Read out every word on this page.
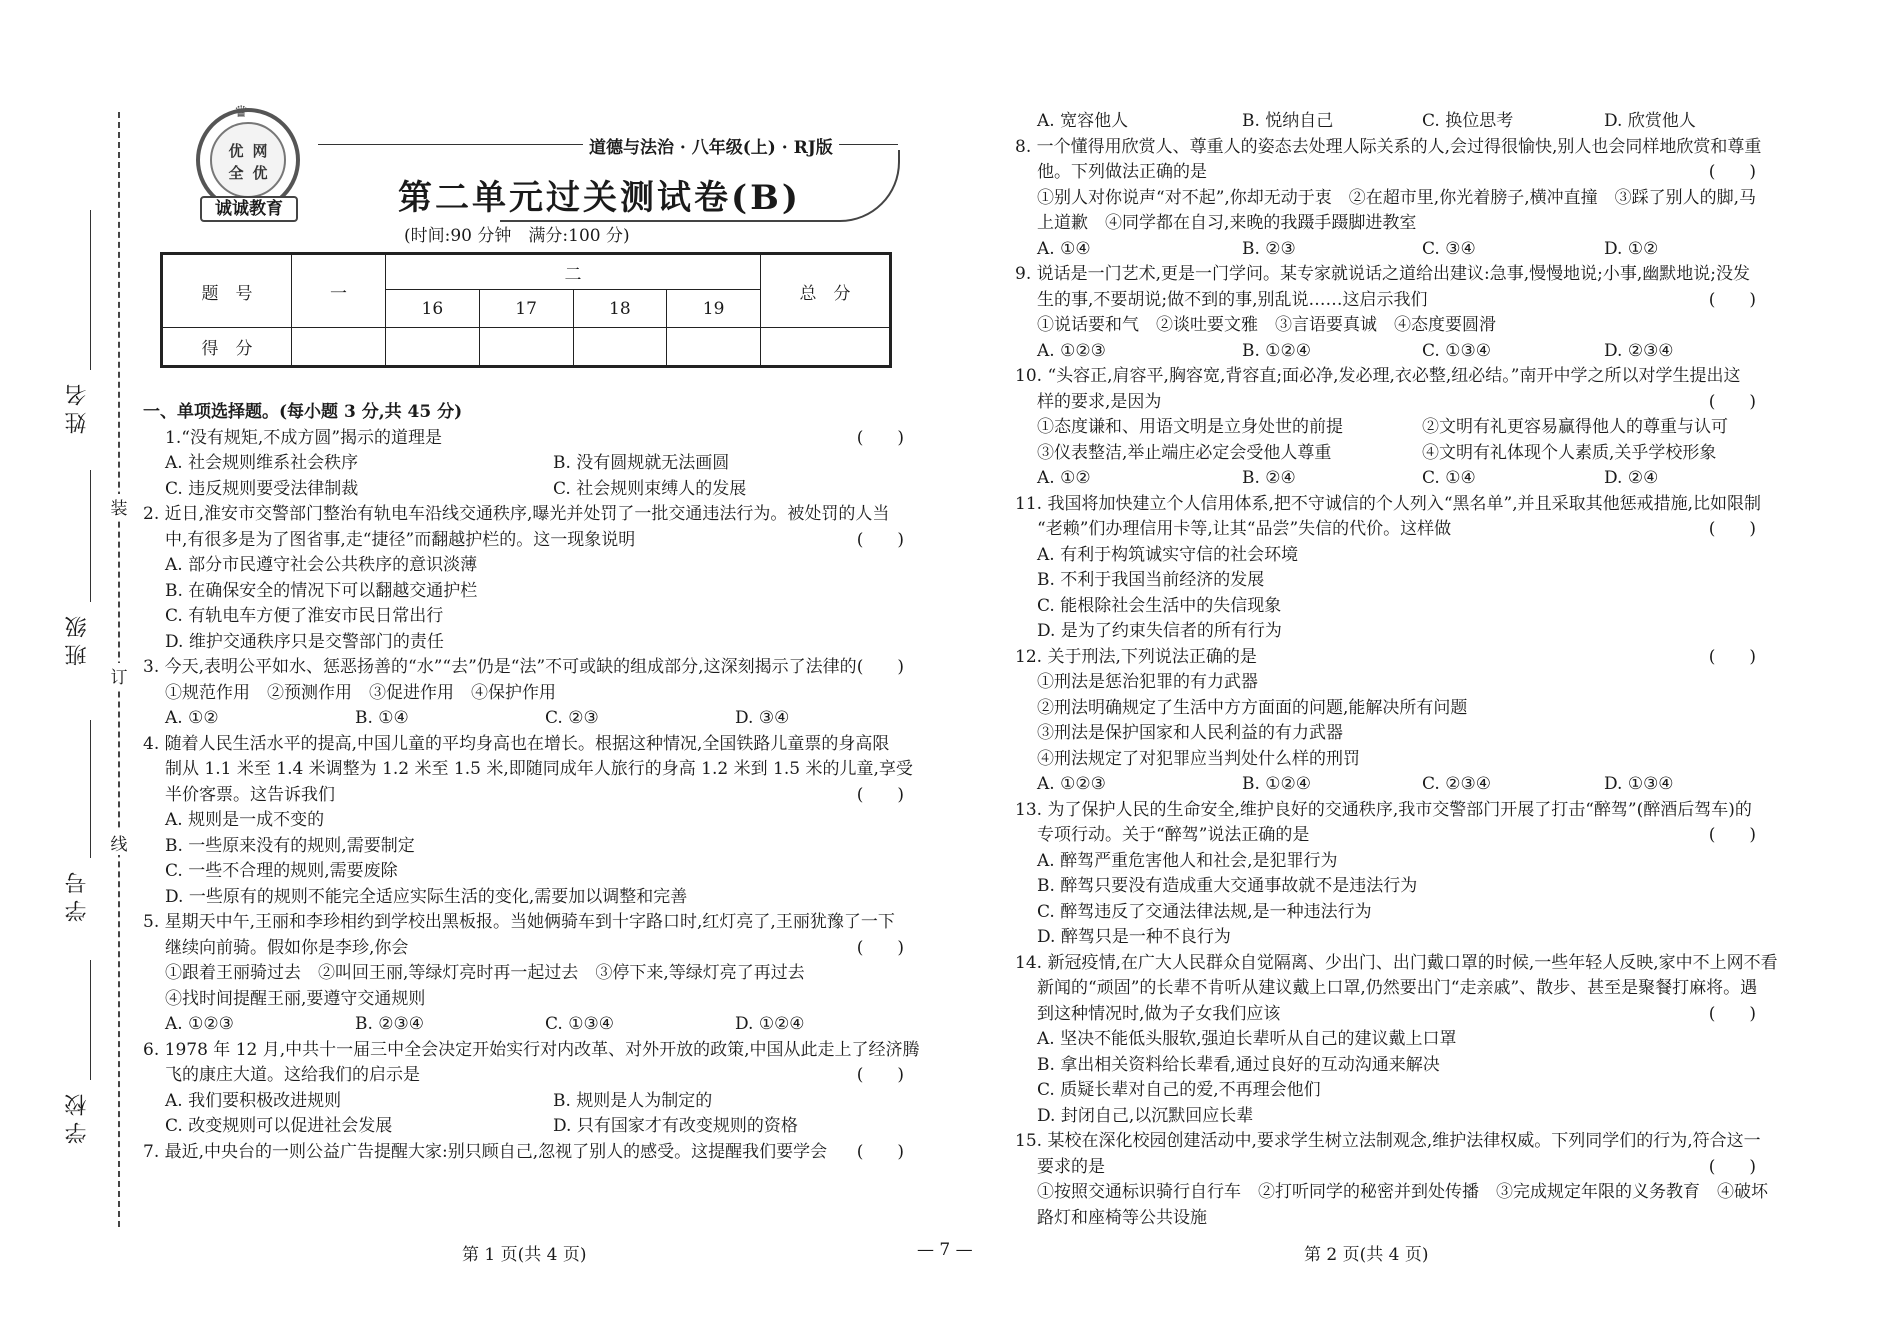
装
订
线
姓名
班级
学号
学校
♛
优 网
全 优
诚诚教育
道德与法治 · 八年级(上) · RJ版
第二单元过关测试卷(B)
(时间:90 分钟　满分:100 分)
题　号	一	二				总　分
		16	17	18	19	
得　分						
一、单项选择题。(每小题 3 分,共 45 分)
1.“没有规矩,不成方圆”揭示的道理是	(　　)
A. 社会规则维系社会秩序	B. 没有圆规就无法画圆
C. 违反规则要受法律制裁	C. 社会规则束缚人的发展
2. 近日,淮安市交警部门整治有轨电车沿线交通秩序,曝光并处罚了一批交通违法行为。被处罚的人当
中,有很多是为了图省事,走“捷径”而翻越护栏的。这一现象说明	(　　)
A. 部分市民遵守社会公共秩序的意识淡薄
B. 在确保安全的情况下可以翻越交通护栏
C. 有轨电车方便了淮安市民日常出行
D. 维护交通秩序只是交警部门的责任
3. 今天,表明公平如水、惩恶扬善的“水”“去”仍是“法”不可或缺的组成部分,这深刻揭示了法律的 (　　)
①规范作用　②预测作用　③促进作用　④保护作用
A. ①②	B. ①④	C. ②③	D. ③④
4. 随着人民生活水平的提高,中国儿童的平均身高也在增长。根据这种情况,全国铁路儿童票的身高限
制从 1.1 米至 1.4 米调整为 1.2 米至 1.5 米,即随同成年人旅行的身高 1.2 米到 1.5 米的儿童,享受
半价客票。这告诉我们	(　　)
A. 规则是一成不变的
B. 一些原来没有的规则,需要制定
C. 一些不合理的规则,需要废除
D. 一些原有的规则不能完全适应实际生活的变化,需要加以调整和完善
5. 星期天中午,王丽和李珍相约到学校出黑板报。当她俩骑车到十字路口时,红灯亮了,王丽犹豫了一下
继续向前骑。假如你是李珍,你会	(　　)
①跟着王丽骑过去　②叫回王丽,等绿灯亮时再一起过去　③停下来,等绿灯亮了再过去
④找时间提醒王丽,要遵守交通规则
A. ①②③	B. ②③④	C. ①③④	D. ①②④
6. 1978 年 12 月,中共十一届三中全会决定开始实行对内改革、对外开放的政策,中国从此走上了经济腾
飞的康庄大道。这给我们的启示是	(　　)
A. 我们要积极改进规则	B. 规则是人为制定的
C. 改变规则可以促进社会发展	D. 只有国家才有改变规则的资格
7. 最近,中央台的一则公益广告提醒大家:别只顾自己,忽视了别人的感受。这提醒我们要学会 (　　)
A. 宽容他人	B. 悦纳自己	C. 换位思考	D. 欣赏他人
8. 一个懂得用欣赏人、尊重人的姿态去处理人际关系的人,会过得很愉快,别人也会同样地欣赏和尊重
他。下列做法正确的是	(　　)
①别人对你说声“对不起”,你却无动于衷　②在超市里,你光着膀子,横冲直撞　③踩了别人的脚,马
上道歉　④同学都在自习,来晚的我蹑手蹑脚进教室
A. ①④	B. ②③	C. ③④	D. ①②
9. 说话是一门艺术,更是一门学问。某专家就说话之道给出建议:急事,慢慢地说;小事,幽默地说;没发
生的事,不要胡说;做不到的事,别乱说……这启示我们	(　　)
①说话要和气　②谈吐要文雅　③言语要真诚　④态度要圆滑
A. ①②③	B. ①②④	C. ①③④	D. ②③④
10. “头容正,肩容平,胸容宽,背容直;面必净,发必理,衣必整,纽必结。”南开中学之所以对学生提出这
样的要求,是因为	(　　)
①态度谦和、用语文明是立身处世的前提	②文明有礼更容易赢得他人的尊重与认可
③仪表整洁,举止端庄必定会受他人尊重	④文明有礼体现个人素质,关乎学校形象
A. ①②	B. ②④	C. ①④	D. ②④
11. 我国将加快建立个人信用体系,把不守诚信的个人列入“黑名单”,并且采取其他惩戒措施,比如限制
“老赖”们办理信用卡等,让其“品尝”失信的代价。这样做	(　　)
A. 有利于构筑诚实守信的社会环境
B. 不利于我国当前经济的发展
C. 能根除社会生活中的失信现象
D. 是为了约束失信者的所有行为
12. 关于刑法,下列说法正确的是	(　　)
①刑法是惩治犯罪的有力武器
②刑法明确规定了生活中方方面面的问题,能解决所有问题
③刑法是保护国家和人民利益的有力武器
④刑法规定了对犯罪应当判处什么样的刑罚
A. ①②③	B. ①②④	C. ②③④	D. ①③④
13. 为了保护人民的生命安全,维护良好的交通秩序,我市交警部门开展了打击“醉驾”(醉酒后驾车)的
专项行动。关于“醉驾”说法正确的是	(　　)
A. 醉驾严重危害他人和社会,是犯罪行为
B. 醉驾只要没有造成重大交通事故就不是违法行为
C. 醉驾违反了交通法律法规,是一种违法行为
D. 醉驾只是一种不良行为
14. 新冠疫情,在广大人民群众自觉隔离、少出门、出门戴口罩的时候,一些年轻人反映,家中不上网不看
新闻的“顽固”的长辈不肯听从建议戴上口罩,仍然要出门“走亲戚”、散步、甚至是聚餐打麻将。遇
到这种情况时,做为子女我们应该	(　　)
A. 坚决不能低头服软,强迫长辈听从自己的建议戴上口罩
B. 拿出相关资料给长辈看,通过良好的互动沟通来解决
C. 质疑长辈对自己的爱,不再理会他们
D. 封闭自己,以沉默回应长辈
15. 某校在深化校园创建活动中,要求学生树立法制观念,维护法律权威。下列同学们的行为,符合这一
要求的是	(　　)
①按照交通标识骑行自行车　②打听同学的秘密并到处传播　③完成规定年限的义务教育　④破坏
路灯和座椅等公共设施
第 1 页(共 4 页)	— 7 —	第 2 页(共 4 页)
